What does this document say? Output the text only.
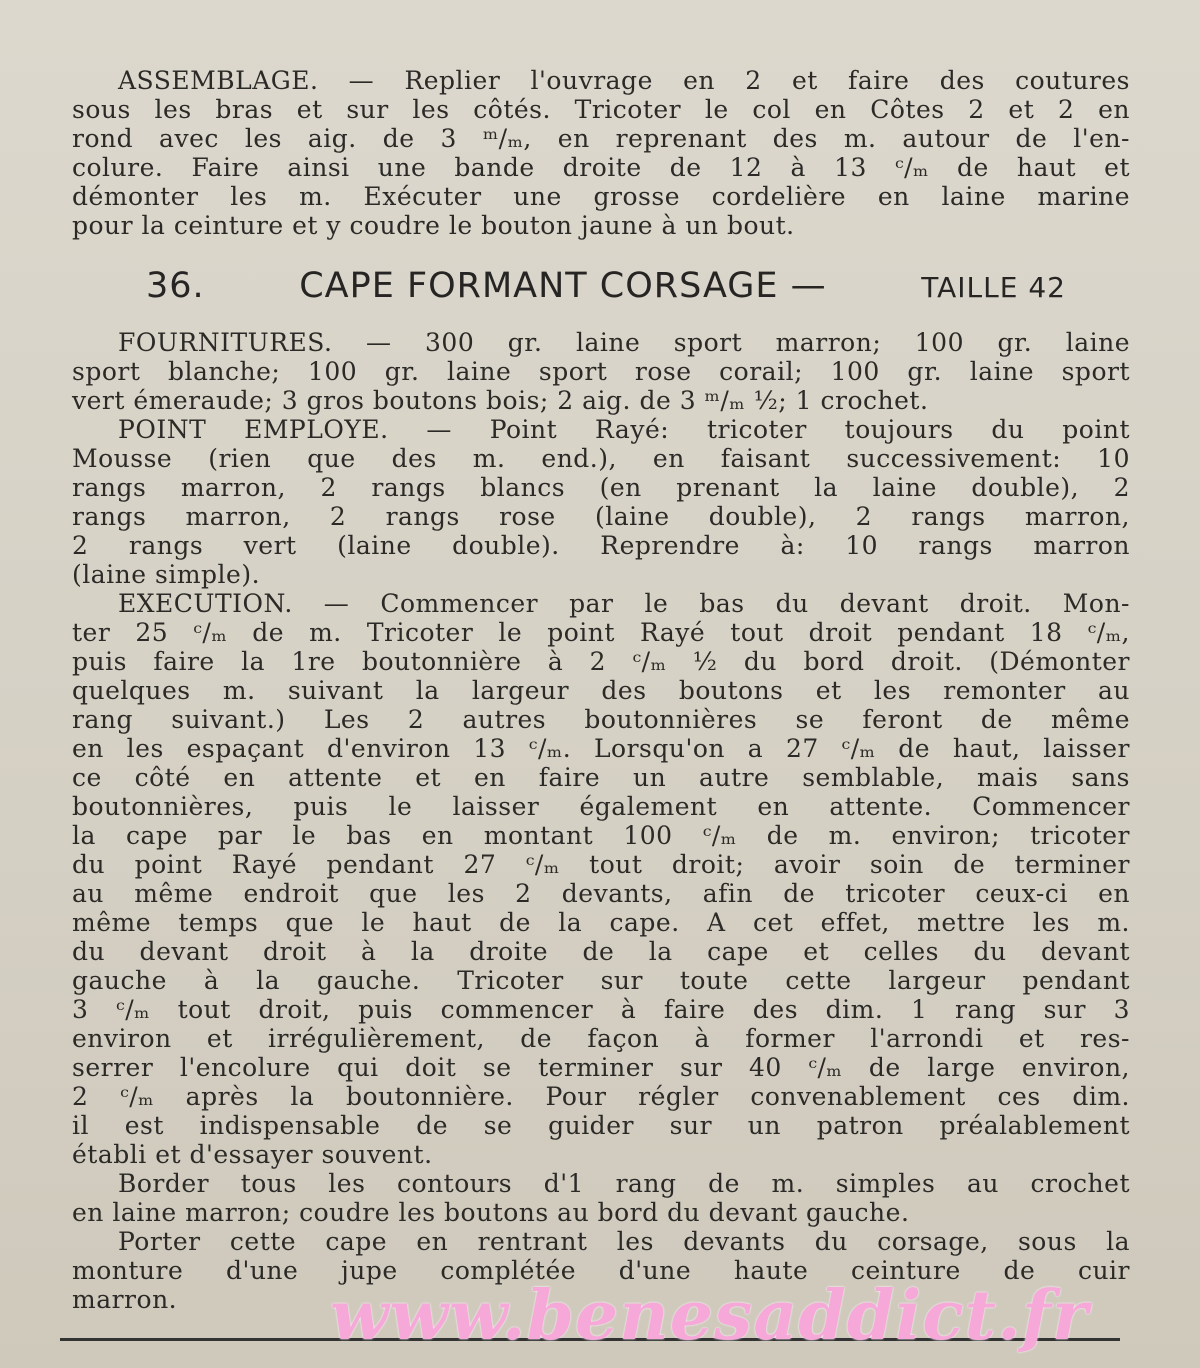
ASSEMBLAGE. — Replier l'ouvrage en 2 et faire des coutures
sous les bras et sur les côtés. Tricoter le col en Côtes 2 et 2 en
rond avec les aig. de 3 ᵐ/ₘ, en reprenant des m. autour de l'en-
colure. Faire ainsi une bande droite de 12 à 13 ᶜ/ₘ de haut et
démonter les m. Exécuter une grosse cordelière en laine marine
pour la ceinture et y coudre le bouton jaune à un bout.
36.	CAPE FORMANT CORSAGE —	TAILLE 42
FOURNITURES. — 300 gr. laine sport marron; 100 gr. laine
sport blanche; 100 gr. laine sport rose corail; 100 gr. laine sport
vert émeraude; 3 gros boutons bois; 2 aig. de 3 ᵐ/ₘ ½; 1 crochet.
POINT EMPLOYE. — Point Rayé: tricoter toujours du point
Mousse (rien que des m. end.), en faisant successivement: 10
rangs marron, 2 rangs blancs (en prenant la laine double), 2
rangs marron, 2 rangs rose (laine double), 2 rangs marron,
2 rangs vert (laine double). Reprendre à: 10 rangs marron
(laine simple).
EXECUTION. — Commencer par le bas du devant droit. Mon-
ter 25 ᶜ/ₘ de m. Tricoter le point Rayé tout droit pendant 18 ᶜ/ₘ,
puis faire la 1re boutonnière à 2 ᶜ/ₘ ½ du bord droit. (Démonter
quelques m. suivant la largeur des boutons et les remonter au
rang suivant.) Les 2 autres boutonnières se feront de même
en les espaçant d'environ 13 ᶜ/ₘ. Lorsqu'on a 27 ᶜ/ₘ de haut, laisser
ce côté en attente et en faire un autre semblable, mais sans
boutonnières, puis le laisser également en attente. Commencer
la cape par le bas en montant 100 ᶜ/ₘ de m. environ; tricoter
du point Rayé pendant 27 ᶜ/ₘ tout droit; avoir soin de terminer
au même endroit que les 2 devants, afin de tricoter ceux-ci en
même temps que le haut de la cape. A cet effet, mettre les m.
du devant droit à la droite de la cape et celles du devant
gauche à la gauche. Tricoter sur toute cette largeur pendant
3 ᶜ/ₘ tout droit, puis commencer à faire des dim. 1 rang sur 3
environ et irrégulièrement, de façon à former l'arrondi et res-
serrer l'encolure qui doit se terminer sur 40 ᶜ/ₘ de large environ,
2 ᶜ/ₘ après la boutonnière. Pour régler convenablement ces dim.
il est indispensable de se guider sur un patron préalablement
établi et d'essayer souvent.
Border tous les contours d'1 rang de m. simples au crochet
en laine marron; coudre les boutons au bord du devant gauche.
Porter cette cape en rentrant les devants du corsage, sous la
monture d'une jupe complétée d'une haute ceinture de cuir
marron.	www.benesaddict.fr
